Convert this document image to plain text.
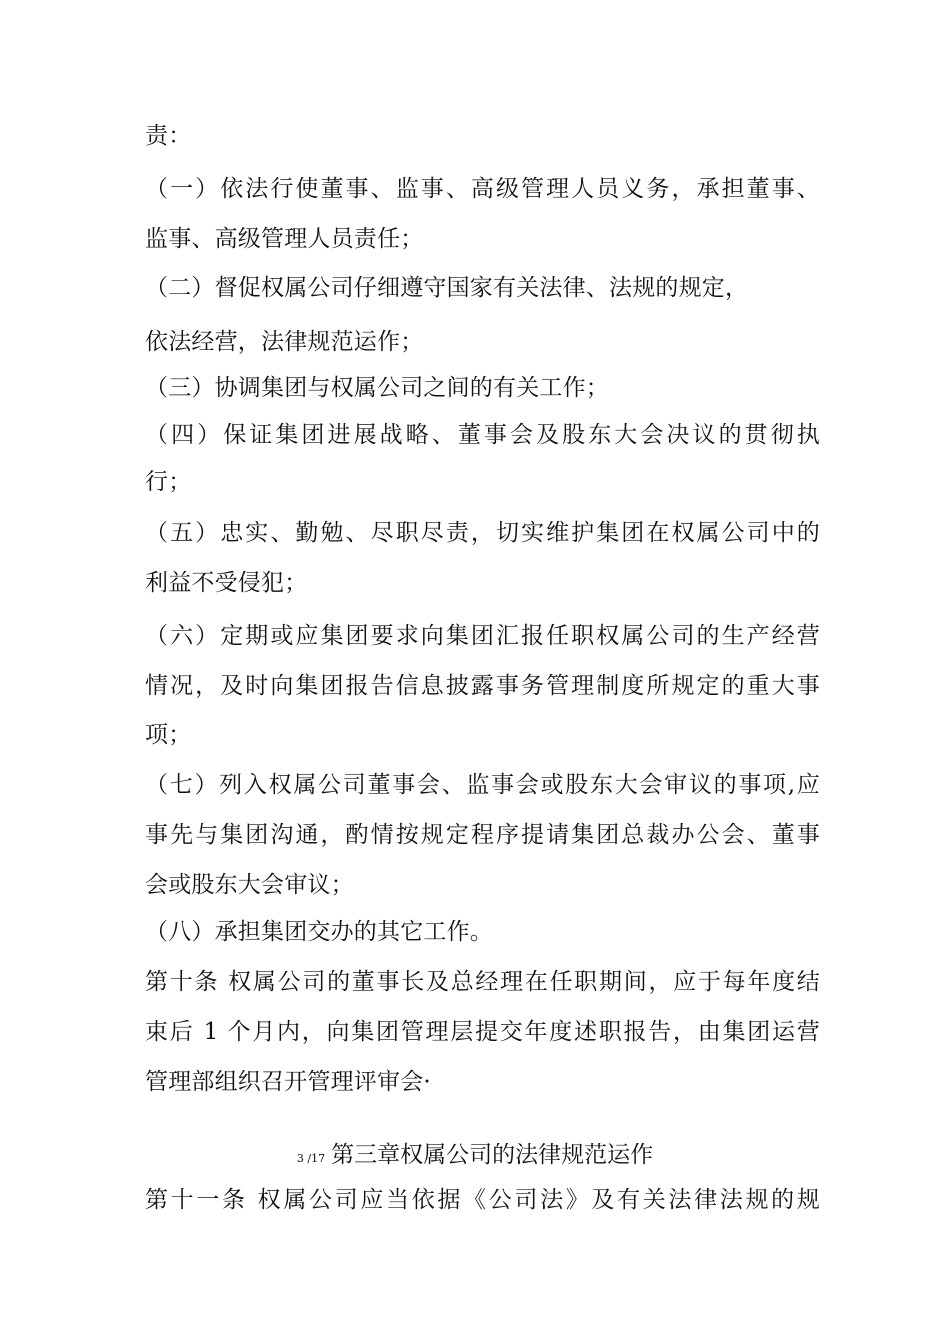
责：
（一）依法行使董事、监事、高级管理人员义务，承担董事、
监事、高级管理人员责任；
（二）督促权属公司仔细遵守国家有关法律、法规的规定，
依法经营，法律规范运作；
（三）协调集团与权属公司之间的有关工作；
（四）保证集团进展战略、董事会及股东大会决议的贯彻执
行；
（五）忠实、勤勉、尽职尽责，切实维护集团在权属公司中的
利益不受侵犯；
（六）定期或应集团要求向集团汇报任职权属公司的生产经营
情况，及时向集团报告信息披露事务管理制度所规定的重大事
项；
（七）列入权属公司董事会、监事会或股东大会审议的事项,应
事先与集团沟通，酌情按规定程序提请集团总裁办公会、董事
会或股东大会审议；
（八）承担集团交办的其它工作。
第十条 权属公司的董事长及总经理在任职期间，应于每年度结
束后 1 个月内，向集团管理层提交年度述职报告，由集团运营
管理部组织召开管理评审会·
3 /17 第三章权属公司的法律规范运作
第十一条 权属公司应当依据《公司法》及有关法律法规的规
